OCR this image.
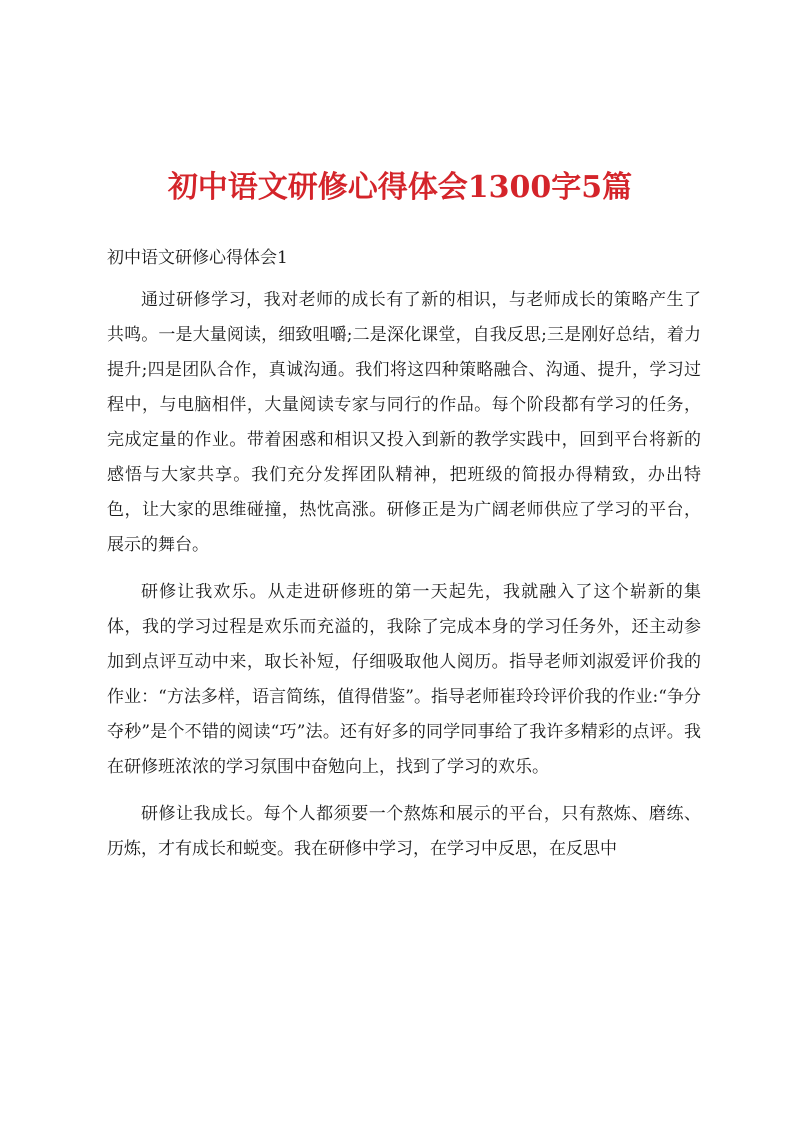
初中语文研修心得体会1300字5篇
初中语文研修心得体会1

通过研修学习，我对老师的成长有了新的相识，与老师成长的策略产生了共鸣。一是大量阅读，细致咀嚼;二是深化课堂，自我反思;三是刚好总结，着力提升;四是团队合作，真诚沟通。我们将这四种策略融合、沟通、提升，学习过程中，与电脑相伴，大量阅读专家与同行的作品。每个阶段都有学习的任务，完成定量的作业。带着困惑和相识又投入到新的教学实践中，回到平台将新的感悟与大家共享。我们充分发挥团队精神，把班级的简报办得精致，办出特色，让大家的思维碰撞，热忱高涨。研修正是为广阔老师供应了学习的平台，展示的舞台。

研修让我欢乐。从走进研修班的第一天起先，我就融入了这个崭新的集体，我的学习过程是欢乐而充溢的，我除了完成本身的学习任务外，还主动参加到点评互动中来，取长补短，仔细吸取他人阅历。指导老师刘淑爱评价我的作业：“方法多样，语言简练，值得借鉴”。指导老师崔玲玲评价我的作业:“争分夺秒”是个不错的阅读“巧”法。还有好多的同学同事给了我许多精彩的点评。我在研修班浓浓的学习氛围中奋勉向上，找到了学习的欢乐。

研修让我成长。每个人都须要一个熬炼和展示的平台，只有熬炼、磨练、历炼，才有成长和蜕变。我在研修中学习，在学习中反思，在反思中
